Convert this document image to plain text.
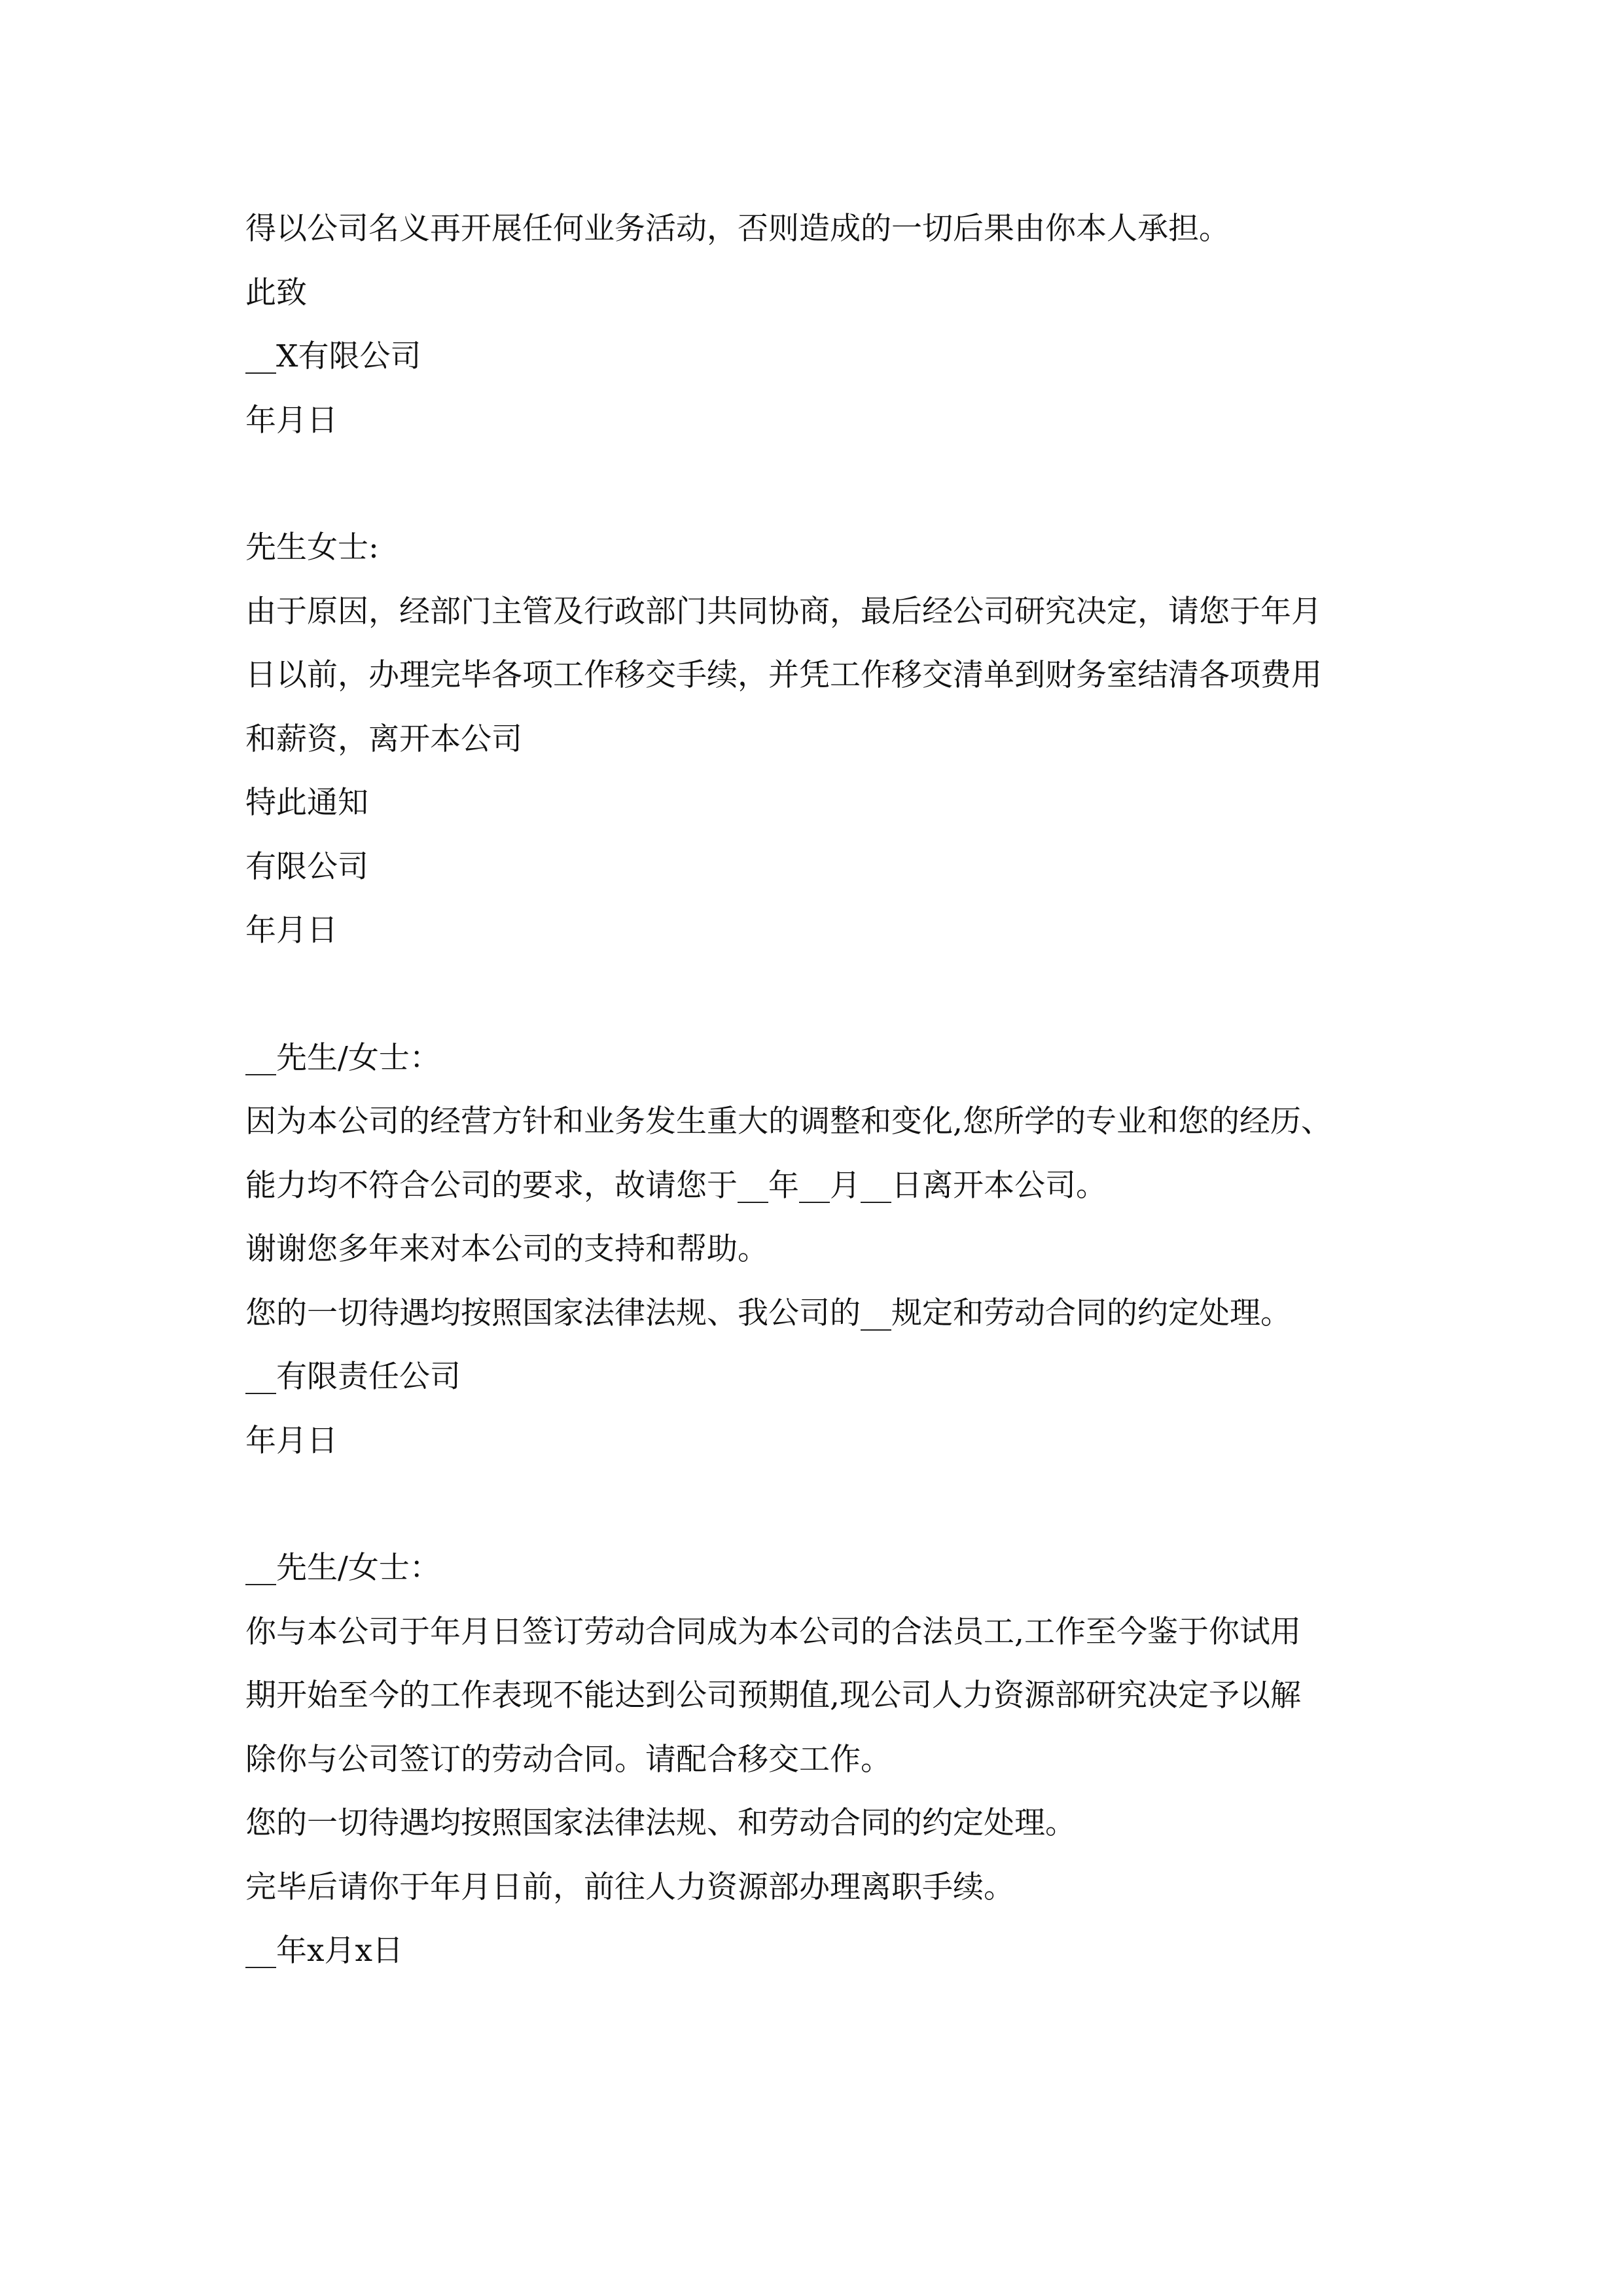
得以公司名义再开展任何业务活动，否则造成的一切后果由你本人承担。
此致
__X有限公司
年月日
先生女士:
由于原因，经部门主管及行政部门共同协商，最后经公司研究决定，请您于年月
日以前，办理完毕各项工作移交手续，并凭工作移交清单到财务室结清各项费用
和薪资，离开本公司
特此通知
有限公司
年月日
__先生/女士：
因为本公司的经营方针和业务发生重大的调整和变化,您所学的专业和您的经历、
能力均不符合公司的要求，故请您于__年__月__日离开本公司。
谢谢您多年来对本公司的支持和帮助。
您的一切待遇均按照国家法律法规、我公司的__规定和劳动合同的约定处理。
__有限责任公司
年月日
__先生/女士：
你与本公司于年月日签订劳动合同成为本公司的合法员工,工作至今鉴于你试用
期开始至今的工作表现不能达到公司预期值,现公司人力资源部研究决定予以解
除你与公司签订的劳动合同。请配合移交工作。
您的一切待遇均按照国家法律法规、和劳动合同的约定处理。
完毕后请你于年月日前，前往人力资源部办理离职手续。
__年x月x日
